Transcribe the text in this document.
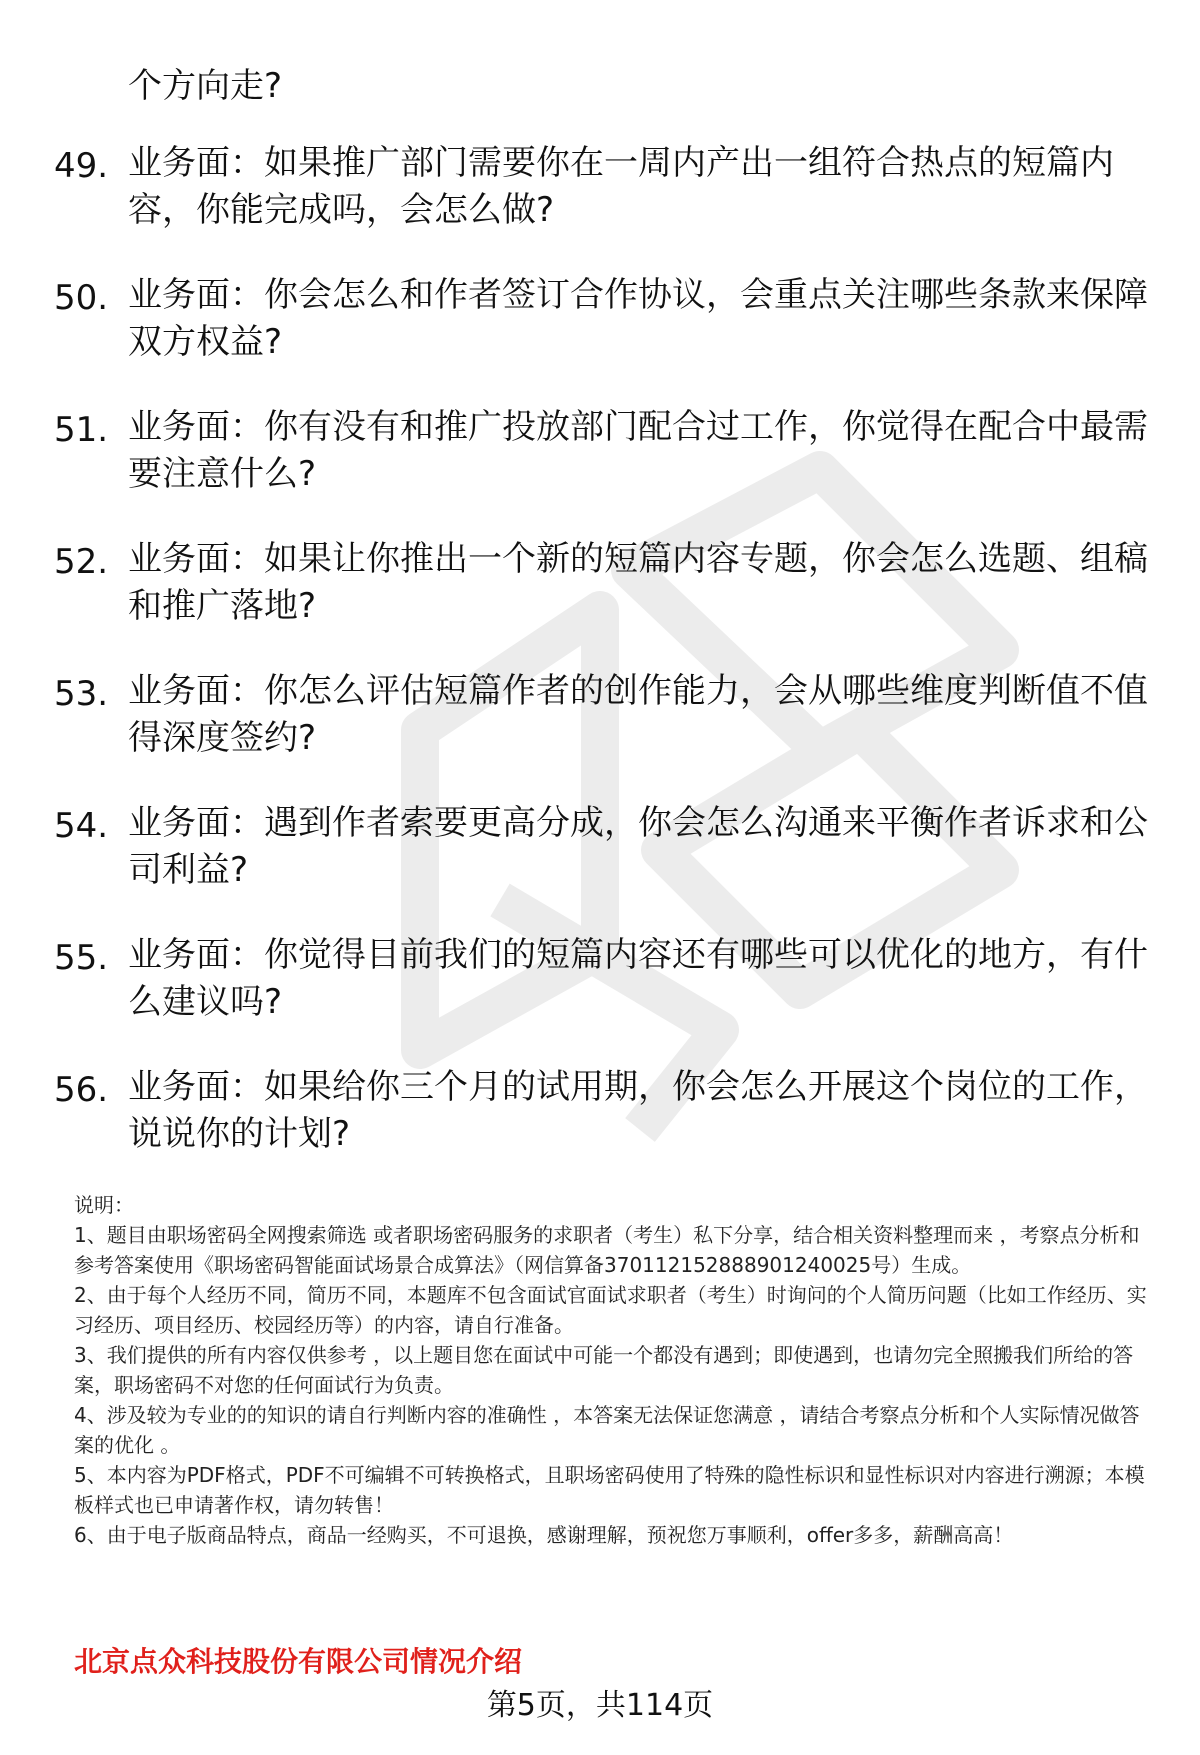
个方向走?
49. 业务面：如果推广部门需要你在一周内产出一组符合热点的短篇内容，你能完成吗，会怎么做?
50. 业务面：你会怎么和作者签订合作协议，会重点关注哪些条款来保障双方权益?
51. 业务面：你有没有和推广投放部门配合过工作，你觉得在配合中最需要注意什么?
52. 业务面：如果让你推出一个新的短篇内容专题，你会怎么选题、组稿和推广落地?
53. 业务面：你怎么评估短篇作者的创作能力，会从哪些维度判断值不值得深度签约?
54. 业务面：遇到作者索要更高分成，你会怎么沟通来平衡作者诉求和公司利益?
55. 业务面：你觉得目前我们的短篇内容还有哪些可以优化的地方，有什么建议吗?
56. 业务面：如果给你三个月的试用期，你会怎么开展这个岗位的工作，说说你的计划?
说明：
1、题目由职场密码全网搜索筛选 或者职场密码服务的求职者（考生）私下分享，结合相关资料整理而来 ，考察点分析和参考答案使用《职场密码智能面试场景合成算法》（网信算备370112152888901240025号）生成。
2、由于每个人经历不同，简历不同，本题库不包含面试官面试求职者（考生）时询问的个人简历问题（比如工作经历、实习经历、项目经历、校园经历等）的内容，请自行准备。
3、我们提供的所有内容仅供参考 ，以上题目您在面试中可能一个都没有遇到；即使遇到，也请勿完全照搬我们所给的答案，职场密码不对您的任何面试行为负责。
4、涉及较为专业的的知识的请自行判断内容的准确性 ，本答案无法保证您满意 ，请结合考察点分析和个人实际情况做答案的优化 。
5、本内容为PDF格式，PDF不可编辑不可转换格式，且职场密码使用了特殊的隐性标识和显性标识对内容进行溯源；本模板样式也已申请著作权，请勿转售！
6、由于电子版商品特点，商品一经购买，不可退换，感谢理解，预祝您万事顺利，offer多多，薪酬高高！
北京点众科技股份有限公司情况介绍
第5页，共114页
